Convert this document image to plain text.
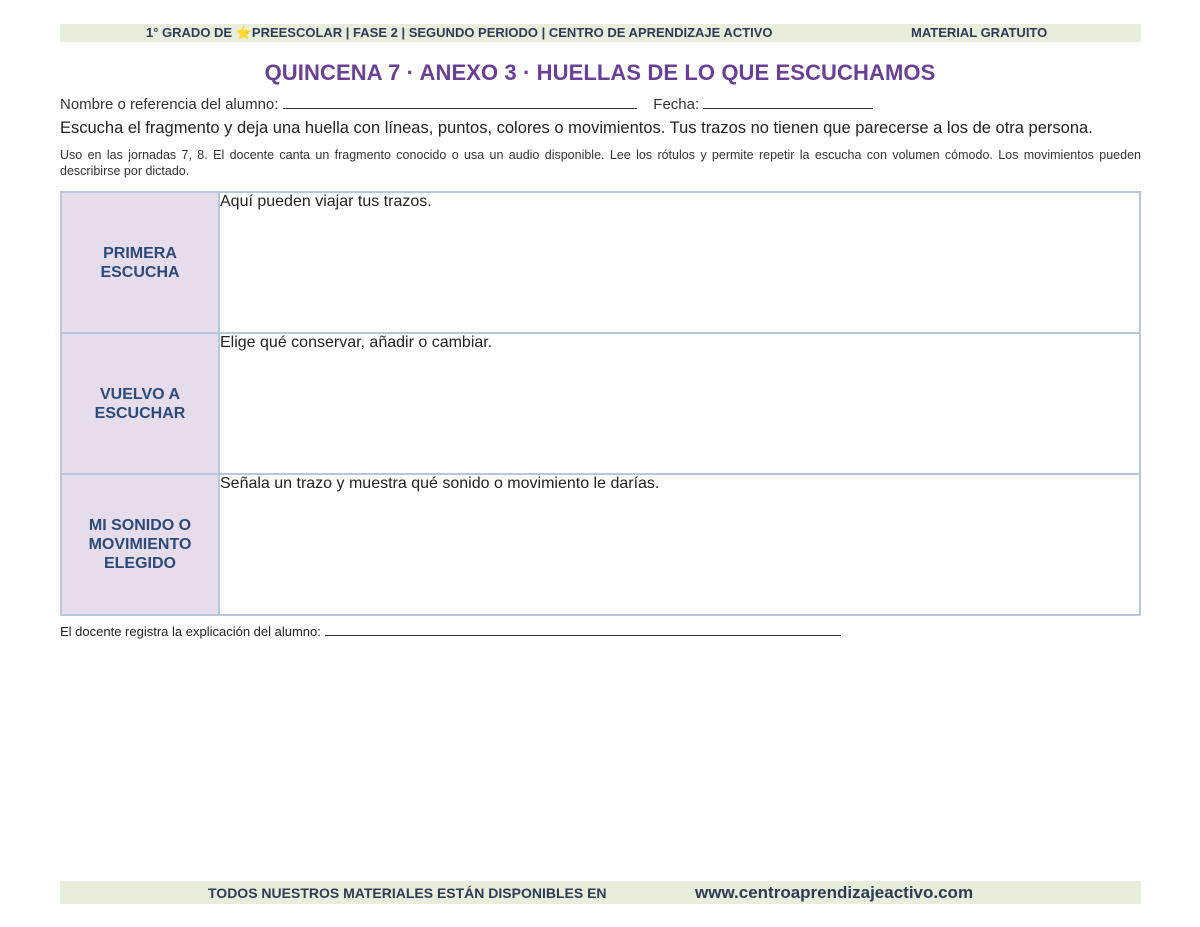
1° GRADO DE ⭐PREESCOLAR | FASE 2 | SEGUNDO PERIODO | CENTRO DE APRENDIZAJE ACTIVO	MATERIAL GRATUITO
QUINCENA 7 · ANEXO 3 · HUELLAS DE LO QUE ESCUCHAMOS
Nombre o referencia del alumno:	Fecha:
Escucha el fragmento y deja una huella con líneas, puntos, colores o movimientos. Tus trazos no tienen que parecerse a los de otra persona.
Uso en las jornadas 7, 8. El docente canta un fragmento conocido o usa un audio disponible. Lee los rótulos y permite repetir la escucha con volumen cómodo. Los movimientos pueden describirse por dictado.
PRIMERA ESCUCHA	Aquí pueden viajar tus trazos.
VUELVO A ESCUCHAR	Elige qué conservar, añadir o cambiar.
MI SONIDO O MOVIMIENTO ELEGIDO	Señala un trazo y muestra qué sonido o movimiento le darías.
El docente registra la explicación del alumno:
TODOS NUESTROS MATERIALES ESTÁN DISPONIBLES EN	www.centroaprendizajeactivo.com
